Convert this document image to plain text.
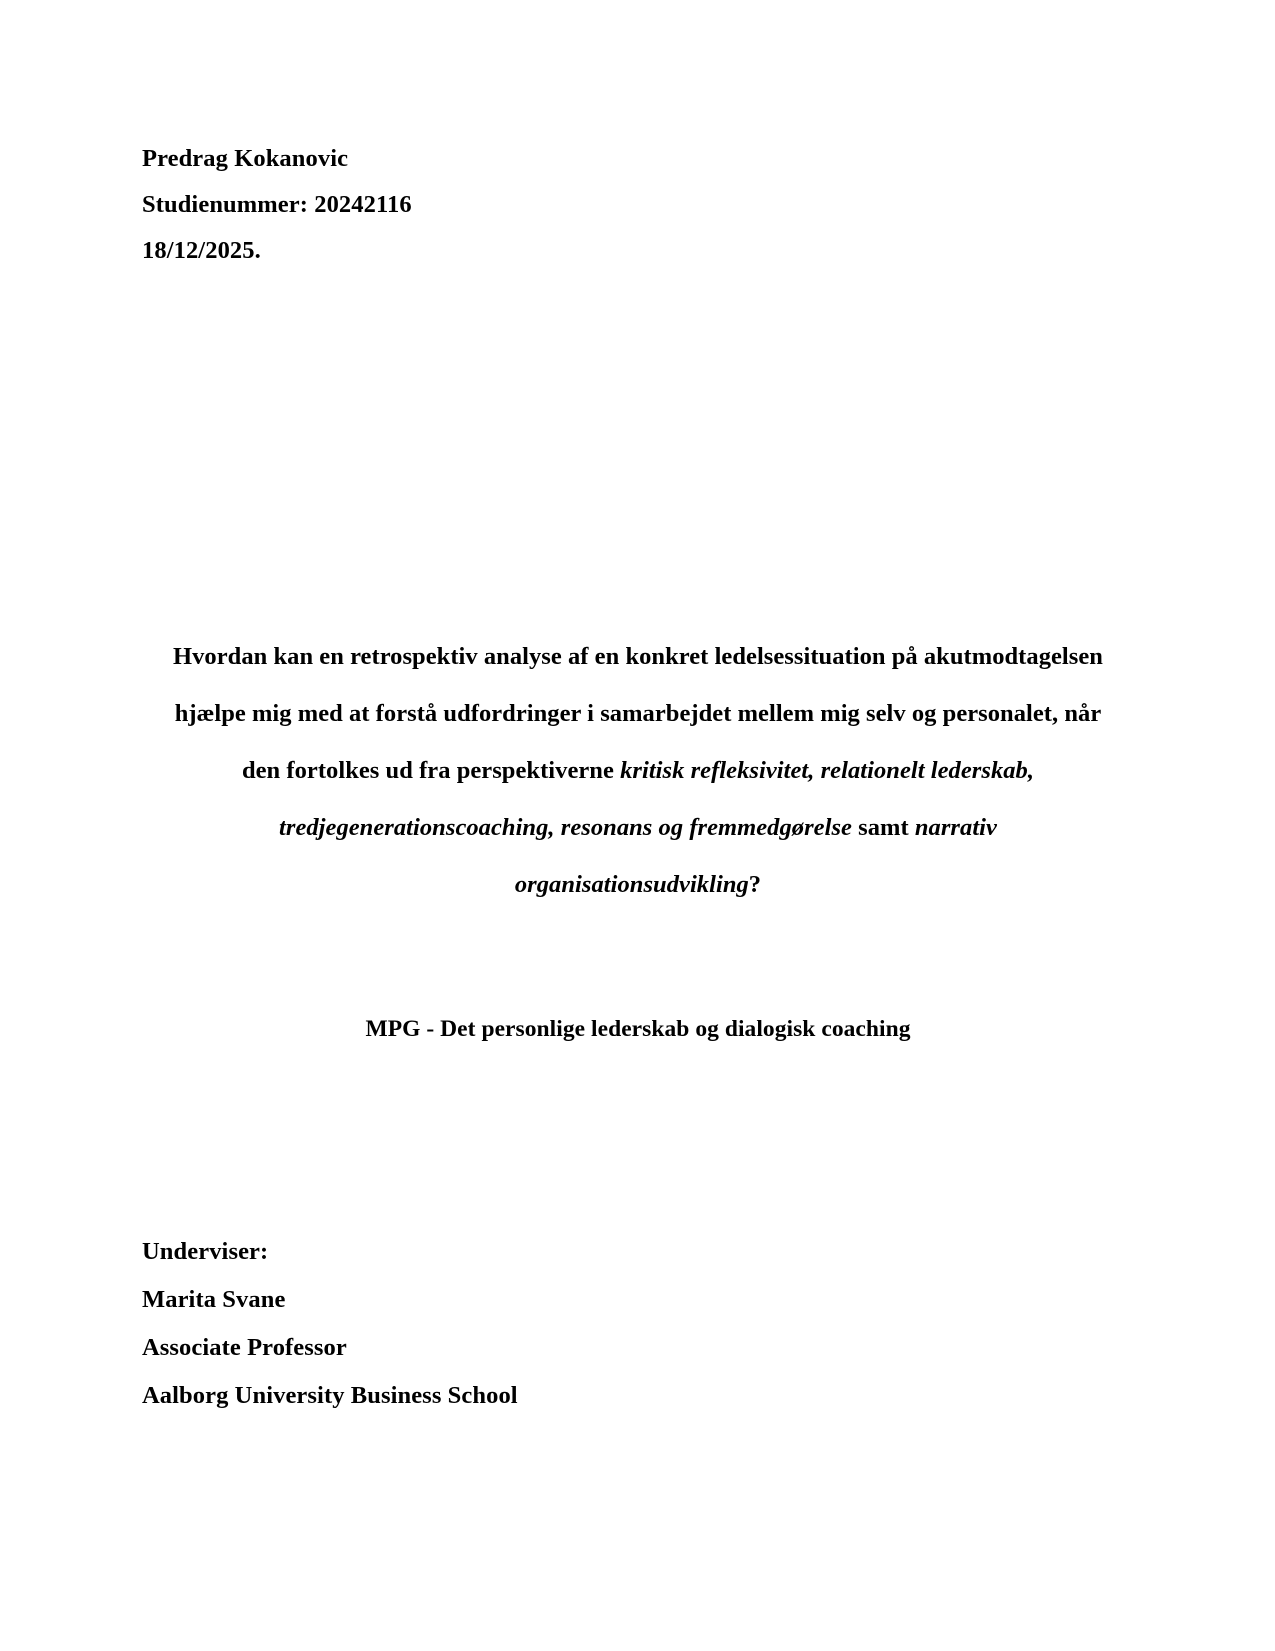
Predrag Kokanovic
Studienummer: 20242116
18/12/2025.
Hvordan kan en retrospektiv analyse af en konkret ledelsessituation på akutmodtagelsen
hjælpe mig med at forstå udfordringer i samarbejdet mellem mig selv og personalet, når
den fortolkes ud fra perspektiverne kritisk refleksivitet, relationelt lederskab,
tredjegenerationscoaching, resonans og fremmedgørelse samt narrativ
organisationsudvikling?
MPG - Det personlige lederskab og dialogisk coaching
Underviser:
Marita Svane
Associate Professor
Aalborg University Business School
